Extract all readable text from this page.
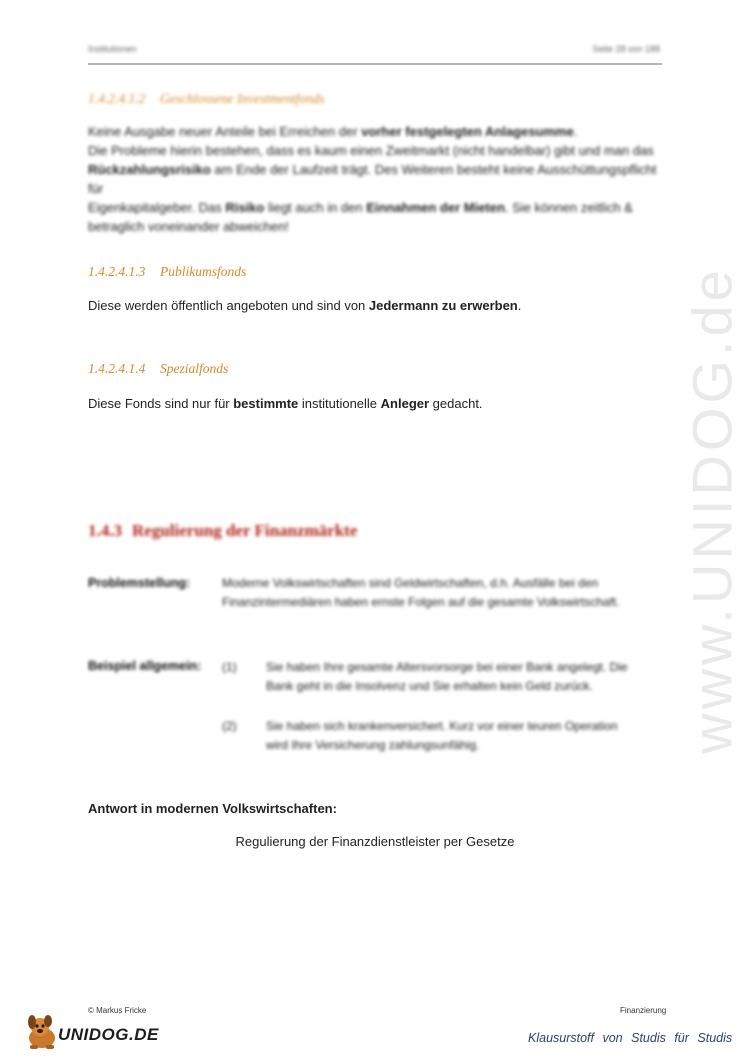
www.UNIDOG.de
Institutionen	Seite 28 von 188
1.4.2.4.1.2 Geschlossene Investmentfonds
Keine Ausgabe neuer Anteile bei Erreichen der vorher festgelegten Anlagesumme.
Die Probleme hierin bestehen, dass es kaum einen Zweitmarkt (nicht handelbar) gibt und man das
Rückzahlungsrisiko am Ende der Laufzeit trägt. Des Weiteren besteht keine Ausschüttungspflicht für
Eigenkapitalgeber. Das Risiko liegt auch in den Einnahmen der Mieten. Sie können zeitlich &
betraglich voneinander abweichen!
1.4.2.4.1.3 Publikumsfonds
Diese werden öffentlich angeboten und sind von Jedermann zu erwerben.
1.4.2.4.1.4 Spezialfonds
Diese Fonds sind nur für bestimmte institutionelle Anleger gedacht.
1.4.3 Regulierung der Finanzmärkte
Problemstellung:	Moderne Volkswirtschaften sind Geldwirtschaften, d.h. Ausfälle bei den
Finanzintermediären haben ernste Folgen auf die gesamte Volkswirtschaft.
Beispiel allgemein: (1) Sie haben Ihre gesamte Altersvorsorge bei einer Bank angelegt. Die
Bank geht in die Insolvenz und Sie erhalten kein Geld zurück.
(2) Sie haben sich krankenversichert. Kurz vor einer teuren Operation
wird Ihre Versicherung zahlungsunfähig.
Antwort in modernen Volkswirtschaften:
Regulierung der Finanzdienstleister per Gesetze
© Markus Fricke	Finanzierung
UNIDOG.DE	Klausurstoff von Studis für Studis
